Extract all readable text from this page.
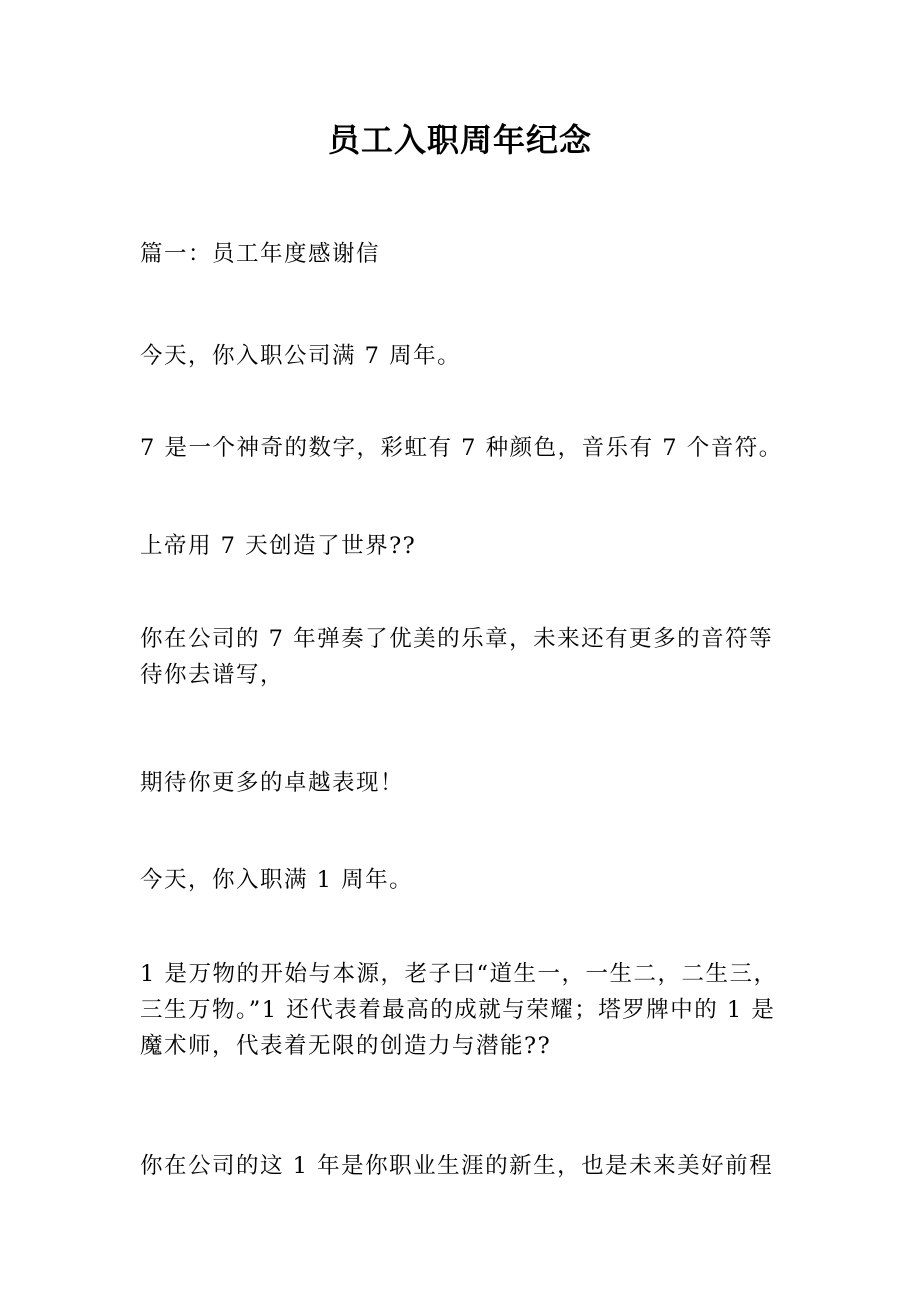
员工入职周年纪念

篇一：员工年度感谢信

今天，你入职公司满 7 周年。

7 是一个神奇的数字，彩虹有 7 种颜色，音乐有 7 个音符。

上帝用 7 天创造了世界??

你在公司的 7 年弹奏了优美的乐章，未来还有更多的音符等
待你去谱写，

期待你更多的卓越表现！

今天，你入职满 1 周年。

1 是万物的开始与本源，老子曰“道生一，一生二，二生三，
三生万物。”1 还代表着最高的成就与荣耀；塔罗牌中的 1 是
魔术师，代表着无限的创造力与潜能??

你在公司的这 1 年是你职业生涯的新生，也是未来美好前程
